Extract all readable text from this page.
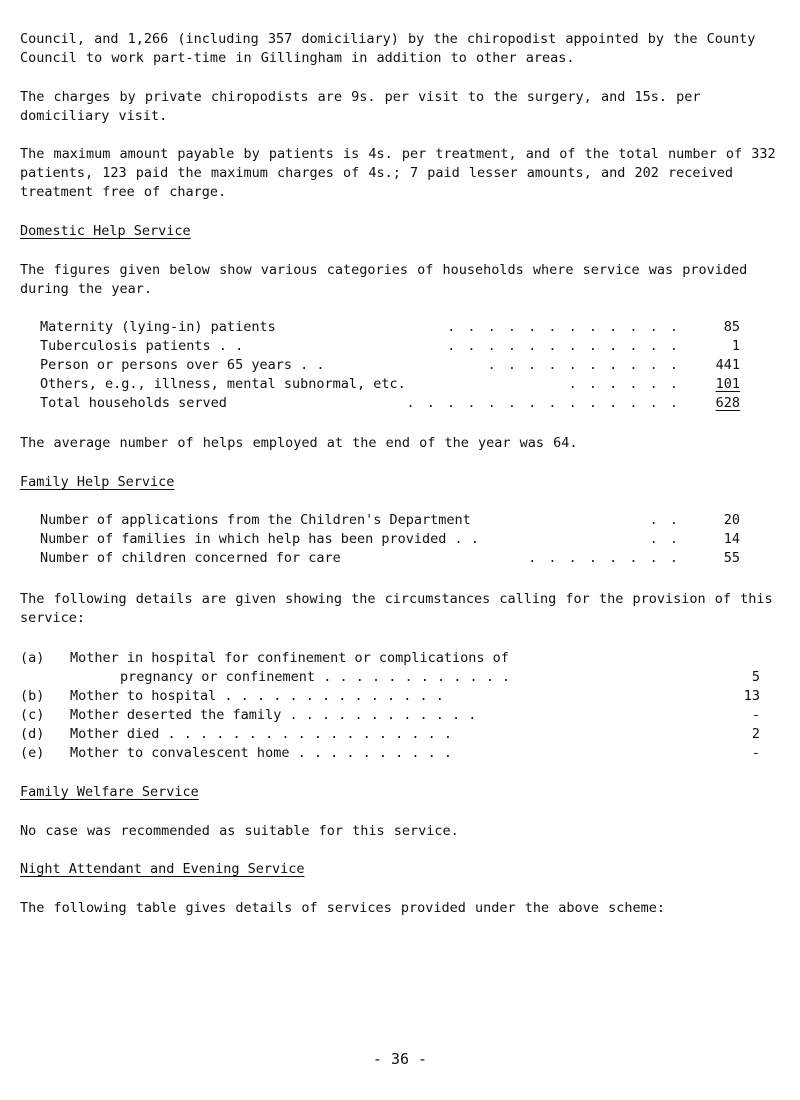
Council, and 1,266 (including 357 domiciliary) by the chiropodist appointed by the County Council to work part-time in Gillingham in addition to other areas.
The charges by private chiropodists are 9s. per visit to the surgery, and 15s. per domiciliary visit.
The maximum amount payable by patients is 4s. per treatment, and of the total number of 332 patients, 123 paid the maximum charges of 4s.; 7 paid lesser amounts, and 202 received treatment free of charge.
Domestic Help Service
The figures given below show various categories of households where service was provided during the year.
Maternity (lying-in) patients	. . . . . . . . . . . .	85
Tuberculosis patients . .	. . . . . . . . . . . .	1
Person or persons over 65 years . .	. . . . . . . . . .	441
Others, e.g., illness, mental subnormal, etc.	. . . . . .	101
Total households served	. . . . . . . . . . . . . .	628
The average number of helps employed at the end of the year was 64.
Family Help Service
Number of applications from the Children's Department	. .	20
Number of families in which help has been provided . .	. .	14
Number of children concerned for care	. . . . . . . .	55
The following details are given showing the circumstances calling for the provision of this service:
(a) Mother in hospital for confinement or complications of
pregnancy or confinement . . . . . . . . . . . .	5
(b) Mother to hospital . . . . . . . . . . . . . .	13
(c) Mother deserted the family . . . . . . . . . . . .	-
(d) Mother died . . . . . . . . . . . . . . . . . .	2
(e) Mother to convalescent home . . . . . . . . . .	-
Family Welfare Service
No case was recommended as suitable for this service.
Night Attendant and Evening Service
The following table gives details of services provided under the above scheme:
- 36 -
